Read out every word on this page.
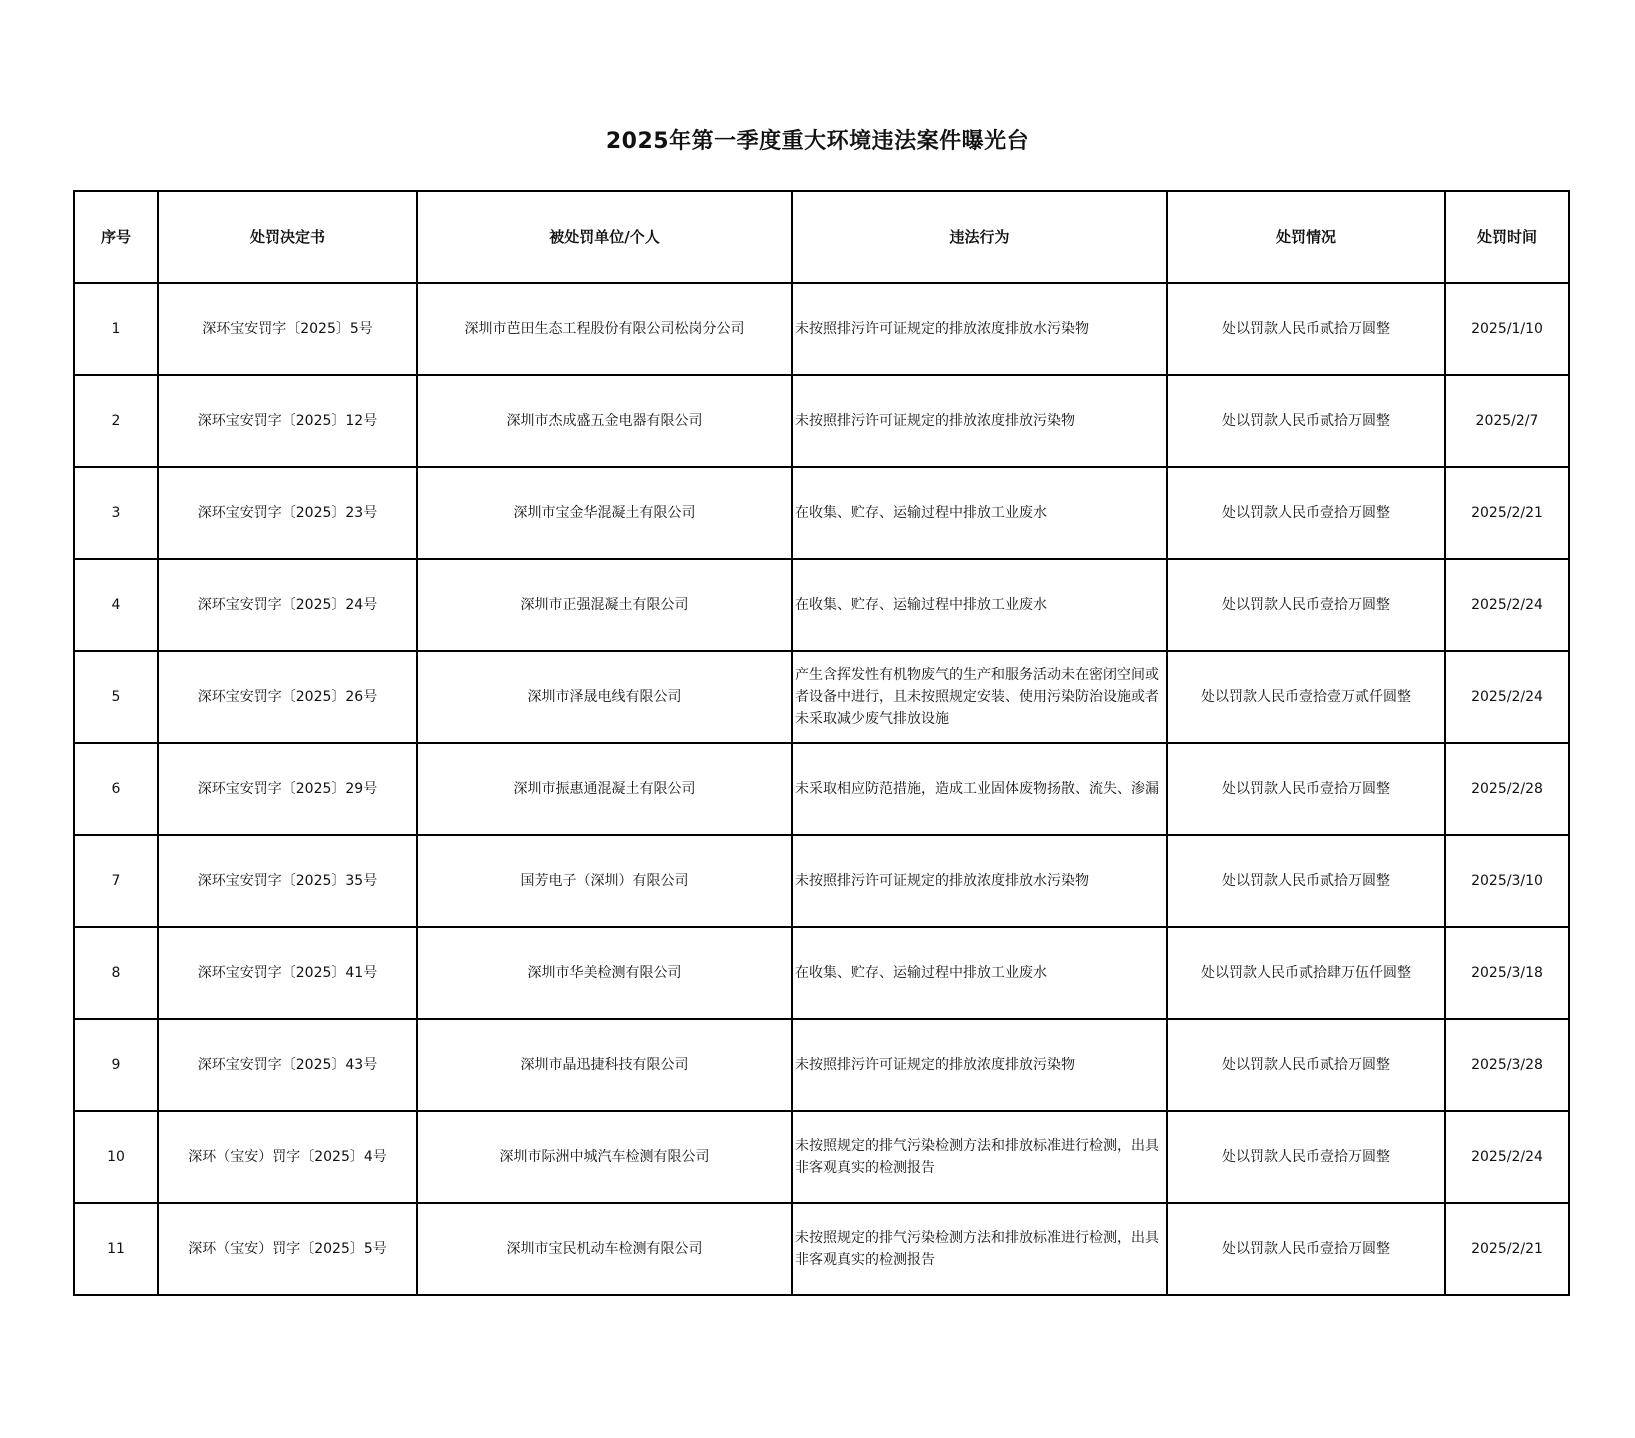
2025年第一季度重大环境违法案件曝光台
序号	处罚决定书	被处罚单位/个人	违法行为	处罚情况	处罚时间
1	深环宝安罚字〔2025〕5号	深圳市芭田生态工程股份有限公司松岗分公司	未按照排污许可证规定的排放浓度排放水污染物	处以罚款人民币贰拾万圆整	2025/1/10
2	深环宝安罚字〔2025〕12号	深圳市杰成盛五金电器有限公司	未按照排污许可证规定的排放浓度排放污染物	处以罚款人民币贰拾万圆整	2025/2/7
3	深环宝安罚字〔2025〕23号	深圳市宝金华混凝土有限公司	在收集、贮存、运输过程中排放工业废水	处以罚款人民币壹拾万圆整	2025/2/21
4	深环宝安罚字〔2025〕24号	深圳市正强混凝土有限公司	在收集、贮存、运输过程中排放工业废水	处以罚款人民币壹拾万圆整	2025/2/24
5	深环宝安罚字〔2025〕26号	深圳市泽晟电线有限公司	产生含挥发性有机物废气的生产和服务活动未在密闭空间或者设备中进行，且未按照规定安装、使用污染防治设施或者未采取减少废气排放设施	处以罚款人民币壹拾壹万贰仟圆整	2025/2/24
6	深环宝安罚字〔2025〕29号	深圳市振惠通混凝土有限公司	未采取相应防范措施，造成工业固体废物扬散、流失、渗漏	处以罚款人民币壹拾万圆整	2025/2/28
7	深环宝安罚字〔2025〕35号	国芳电子（深圳）有限公司	未按照排污许可证规定的排放浓度排放水污染物	处以罚款人民币贰拾万圆整	2025/3/10
8	深环宝安罚字〔2025〕41号	深圳市华美检测有限公司	在收集、贮存、运输过程中排放工业废水	处以罚款人民币贰拾肆万伍仟圆整	2025/3/18
9	深环宝安罚字〔2025〕43号	深圳市晶迅捷科技有限公司	未按照排污许可证规定的排放浓度排放污染物	处以罚款人民币贰拾万圆整	2025/3/28
10	深环（宝安）罚字〔2025〕4号	深圳市际洲中城汽车检测有限公司	未按照规定的排气污染检测方法和排放标准进行检测，出具非客观真实的检测报告	处以罚款人民币壹拾万圆整	2025/2/24
11	深环（宝安）罚字〔2025〕5号	深圳市宝民机动车检测有限公司	未按照规定的排气污染检测方法和排放标准进行检测，出具非客观真实的检测报告	处以罚款人民币壹拾万圆整	2025/2/21
